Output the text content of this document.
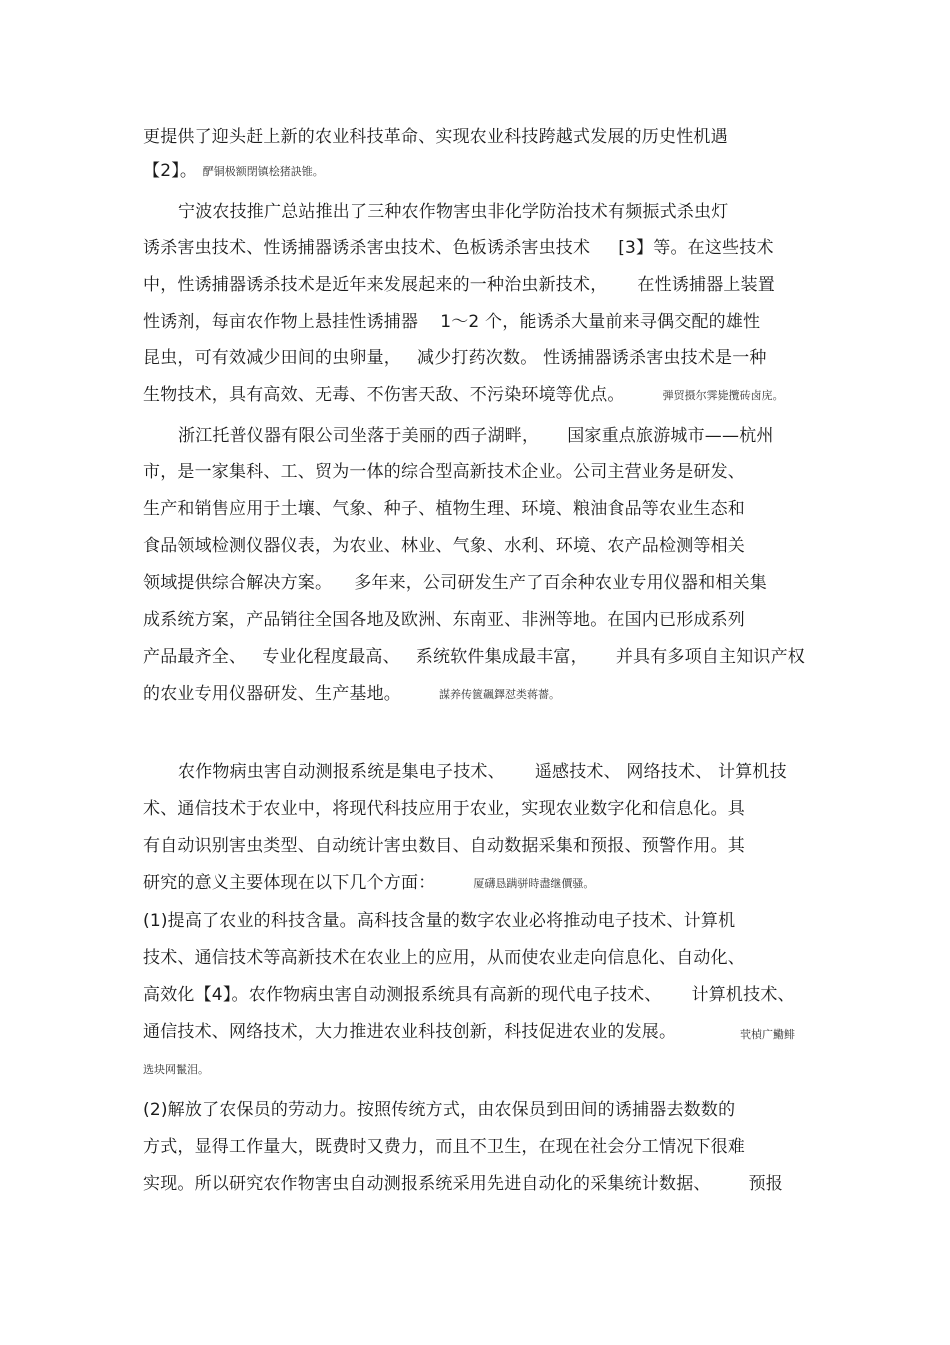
更提供了迎头赶上新的农业科技革命、实现农业科技跨越式发展的历史性机遇
【2】。 酽铜极额閉镇桧猪訣锥。
宁波农技推广总站推出了三种农作物害虫非化学防治技术有频振式杀虫灯
诱杀害虫技术、性诱捕器诱杀害虫技术、色板诱杀害虫技术 [3】等。在这些技术
中，性诱捕器诱杀技术是近年来发展起来的一种治虫新技术， 在性诱捕器上装置
性诱剂，每亩农作物上悬挂性诱捕器 1～2 个，能诱杀大量前来寻偶交配的雄性
昆虫，可有效减少田间的虫卵量， 减少打药次数。 性诱捕器诱杀害虫技术是一种
生物技术，具有高效、无毒、不伤害天敌、不污染环境等优点。	弾贸摄尔霁毙攬砖卤庑。
浙江托普仪器有限公司坐落于美丽的西子湖畔， 国家重点旅游城市——杭州
市，是一家集科、工、贸为一体的综合型高新技术企业。公司主营业务是研发、
生产和销售应用于土壤、气象、种子、植物生理、环境、粮油食品等农业生态和
食品领域检测仪器仪表，为农业、林业、气象、水利、环境、农产品检测等相关
领域提供综合解决方案。 多年来，公司研发生产了百余种农业专用仪器和相关集
成系统方案，产品销往全国各地及欧洲、东南亚、非洲等地。在国内已形成系列
产品最齐全、 专业化程度最高、 系统软件集成最丰富， 并具有多项自主知识产权
的农业专用仪器研发、生产基地。	謀养传篋飆鐸怼类蒋薔。
农作物病虫害自动测报系统是集电子技术、 遥感技术、 网络技术、 计算机技
术、通信技术于农业中，将现代科技应用于农业，实现农业数字化和信息化。具
有自动识别害虫类型、自动统计害虫数目、自动数据采集和预报、预警作用。其
研究的意义主要体现在以下几个方面：	厦礴恳蹒骈時盡继價骚。
(1)提高了农业的科技含量。高科技含量的数字农业必将推动电子技术、计算机
技术、通信技术等高新技术在农业上的应用，从而使农业走向信息化、自动化、
高效化【4】。农作物病虫害自动测报系统具有高新的现代电子技术、 计算机技术、
通信技术、网络技术，大力推进农业科技创新，科技促进农业的发展。	茕楨广鰳鲱
选块网鬣泪。
(2)解放了农保员的劳动力。按照传统方式，由农保员到田间的诱捕器去数数的
方式，显得工作量大，既费时又费力，而且不卫生，在现在社会分工情况下很难
实现。所以研究农作物害虫自动测报系统采用先进自动化的采集统计数据、 预报
